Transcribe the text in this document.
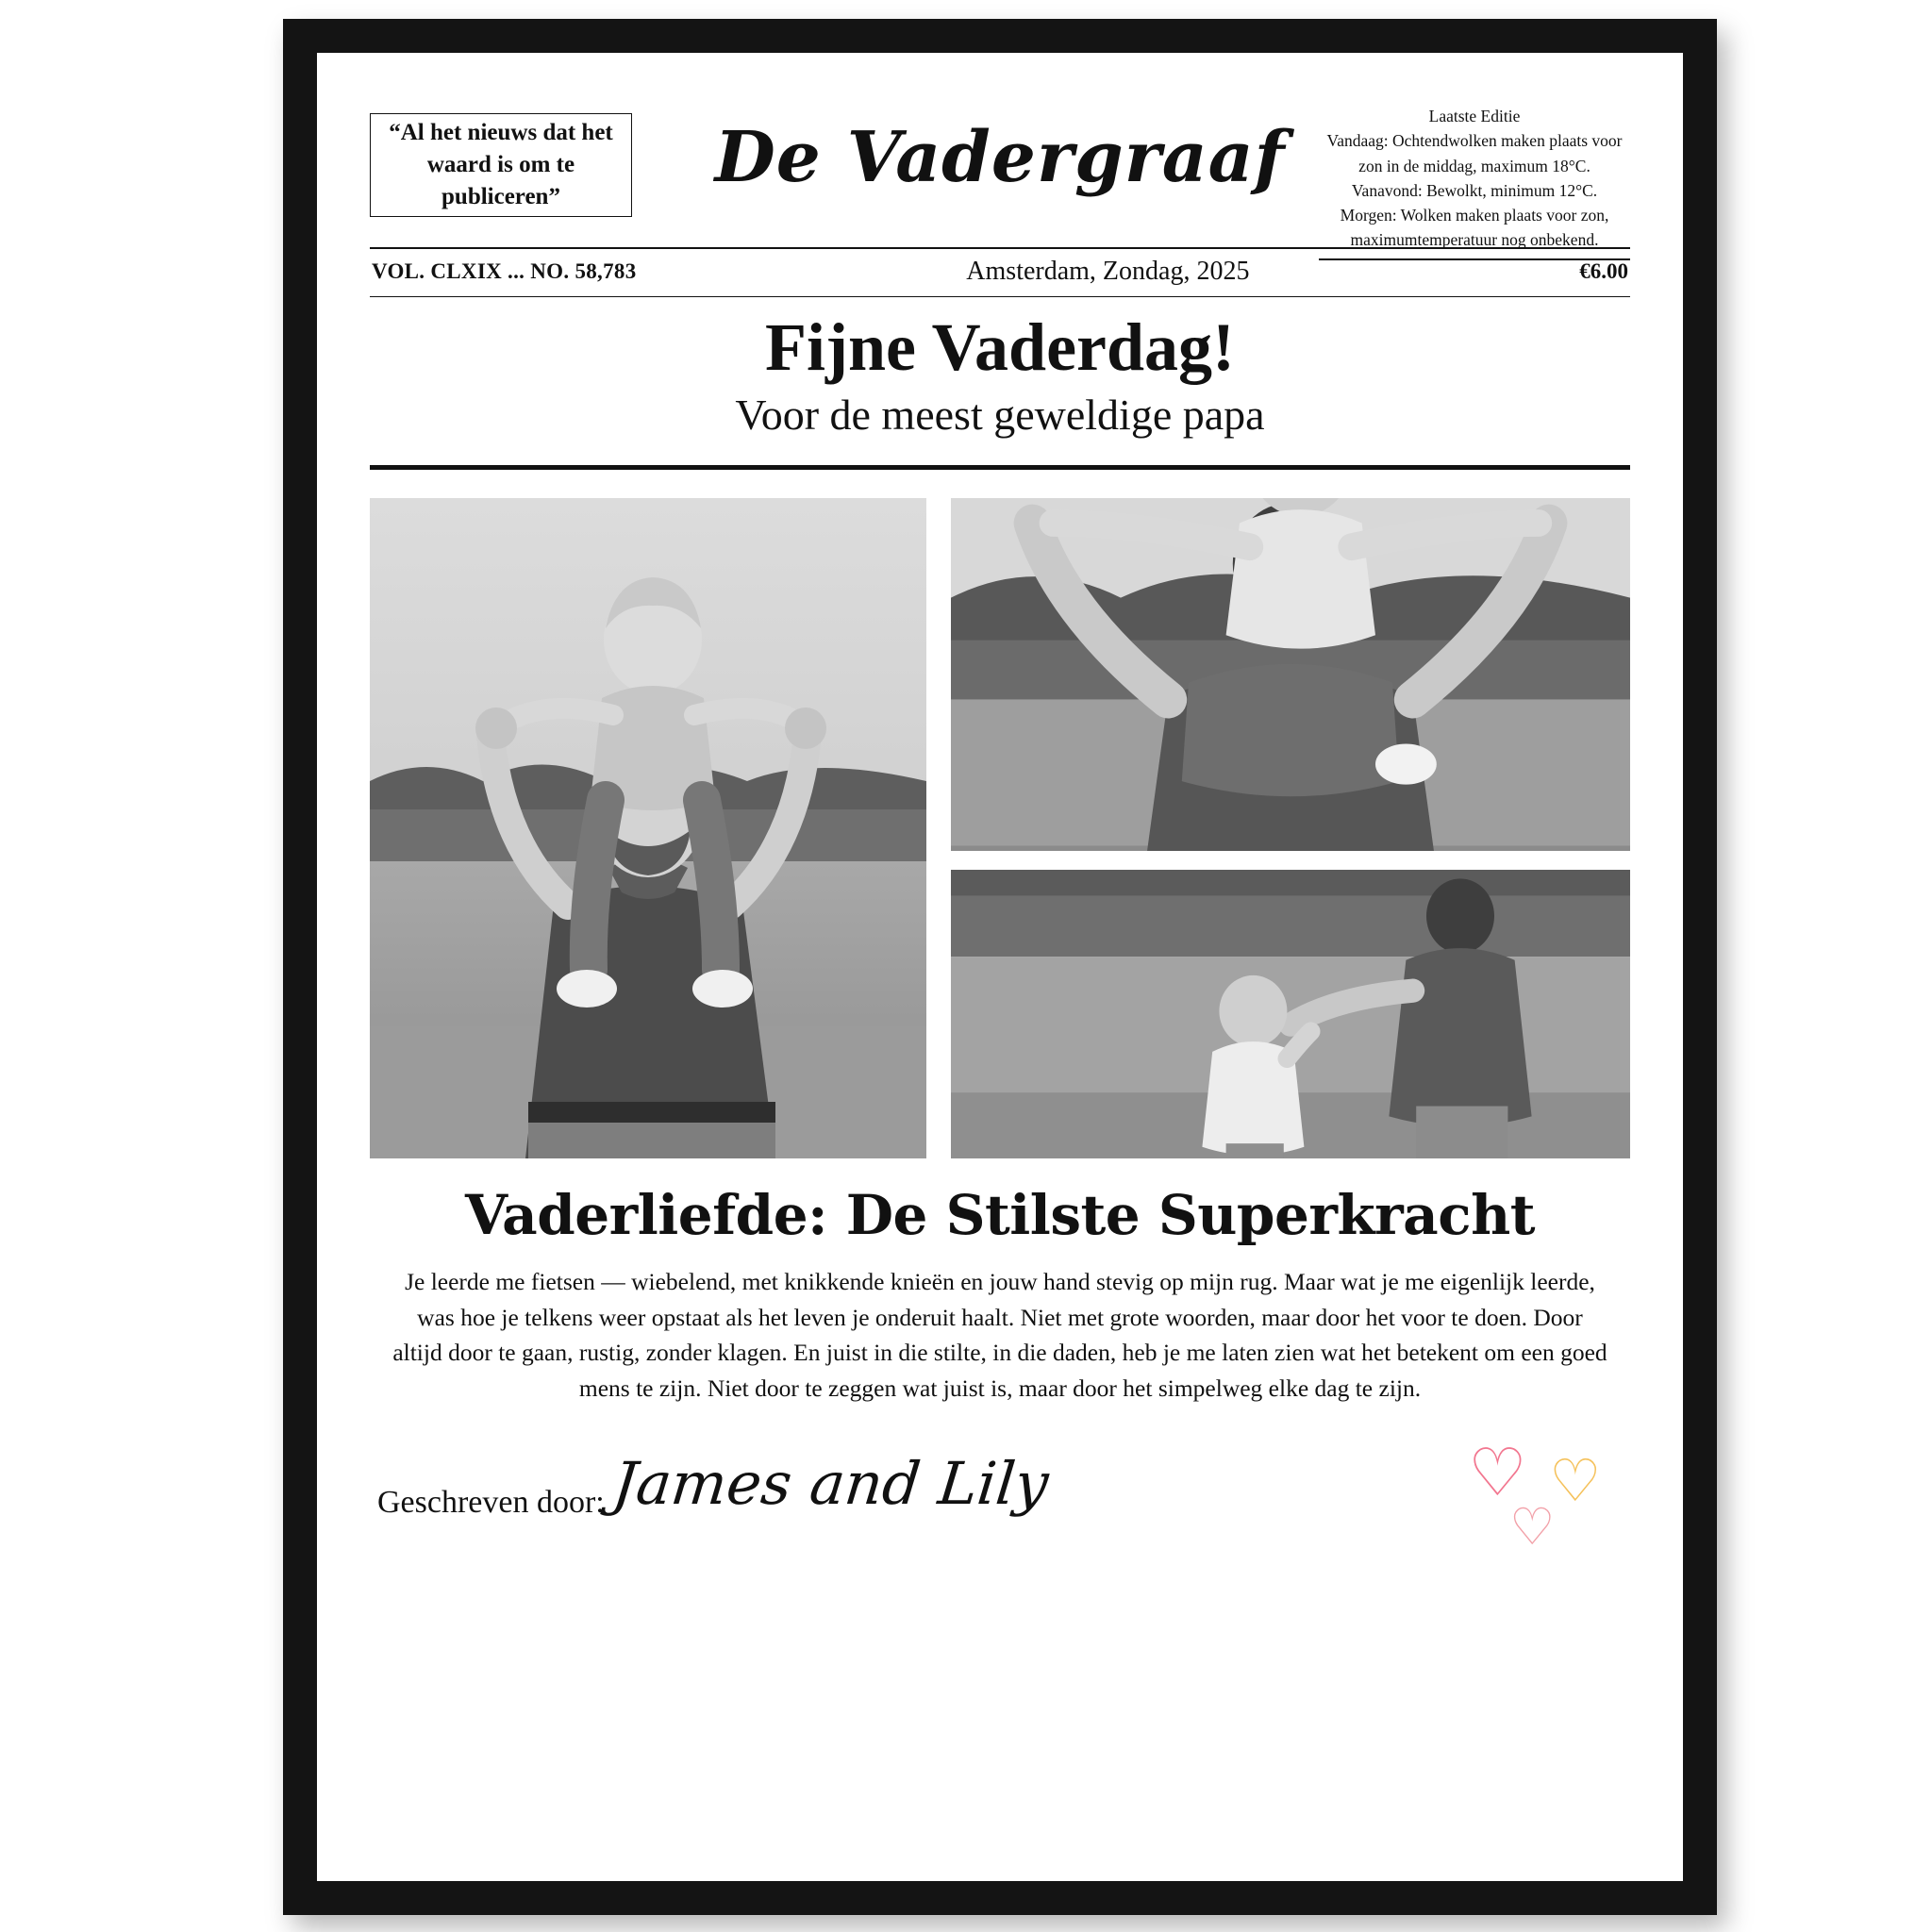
“Al het nieuws dat het waard is om te publiceren”	De Vadergraaf
Laatste Editie
Vandaag: Ochtendwolken maken plaats voor zon in de middag, maximum 18°C.
Vanavond: Bewolkt, minimum 12°C.
Morgen: Wolken maken plaats voor zon, maximumtemperatuur nog onbekend.
VOL. CLXIX ... NO. 58,783	Amsterdam, Zondag, 2025	€6.00
Fijne Vaderdag!
Voor de meest geweldige papa
Vaderliefde: De Stilste Superkracht

Je leerde me fietsen — wiebelend, met knikkende knieën en jouw hand stevig op mijn rug. Maar wat je me eigenlijk leerde, was hoe je telkens weer opstaat als het leven je onderuit haalt. Niet met grote woorden, maar door het voor te doen. Door altijd door te gaan, rustig, zonder klagen. En juist in die stilte, in die daden, heb je me laten zien wat het betekent om een goed mens te zijn. Niet door te zeggen wat juist is, maar door het simpelweg elke dag te zijn.

Geschreven door: James and Lily	♡ ♡
♡
